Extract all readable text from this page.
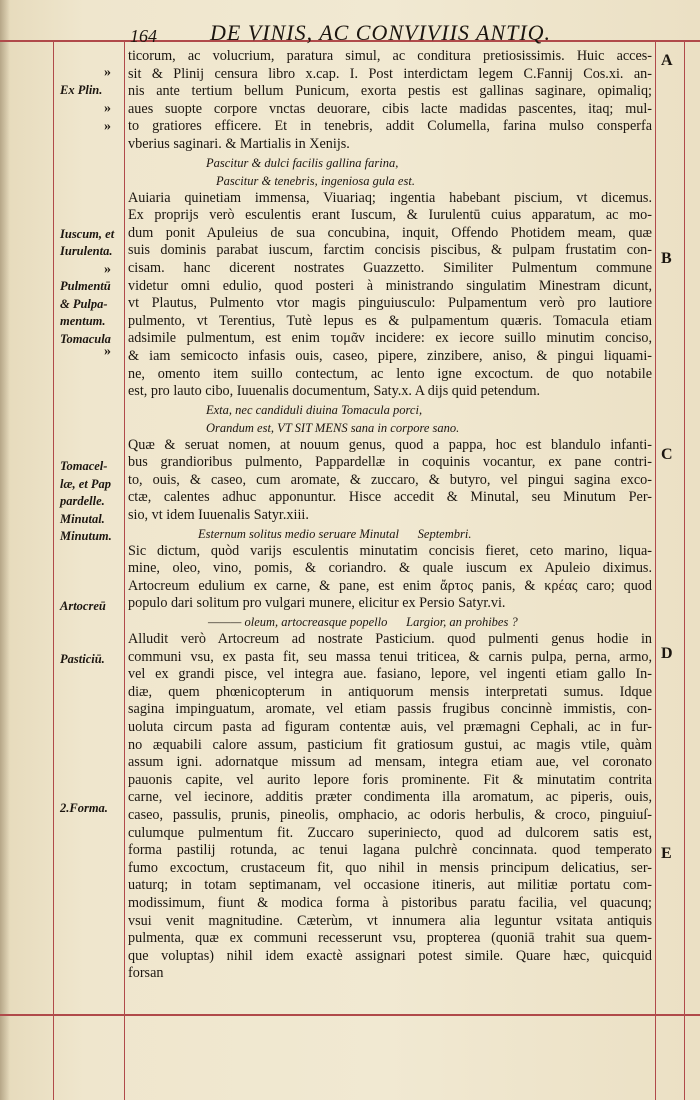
164 DE VINIS, AC CONVIVIIS ANTIQ.
Ex Plin.
Iuscum, et
Iurulenta.
Pulmentū
& Pulpa-
mentum.
Tomacula
Tomacel-
læ, et Pap
pardelle.
Minutal.
Minutum.
Artocreū
Pasticiū.
2.Forma.
»
»
»
»
»
A
B
C
D
E
ticorum, ac volucrium, paratura simul, ac conditura pretiosissimis. Huic acces-
sit & Plinij censura libro x.cap. I. Post interdictam legem C.Fannij Cos.xi. an-
nis ante tertium bellum Punicum, exorta pestis est gallinas saginare, opimaliq;
aues suopte corpore vnctas deuorare, cibis lacte madidas pascentes, itaq; mul-
to gratiores efficere. Et in tenebris, addit Columella, farina mulso consperfa
vberius saginari. & Martialis in Xenijs.
Pascitur & dulci facilis gallina farina,
Pascitur & tenebris, ingeniosa gula est.
Auiaria quinetiam immensa, Viuariaq; ingentia habebant piscium, vt dicemus.
Ex proprijs verò esculentis erant Iuscum, & Iurulentū cuius apparatum, ac mo-
dum ponit Apuleius de sua concubina, inquit, Offendo Photidem meam, quæ
suis dominis parabat iuscum, farctim concisis piscibus, & pulpam frustatim con-
cisam. hanc dicerent nostrates Guazzetto. Similiter Pulmentum commune
videtur omni edulio, quod posteri à ministrando singulatim Minestram dicunt,
vt Plautus, Pulmento vtor magis pinguiusculo: Pulpamentum verò pro lautiore
pulmento, vt Terentius, Tutè lepus es & pulpamentum quæris. Tomacula etiam
adsimile pulmentum, est enim τομᾶν incidere: ex iecore suillo minutim conciso,
& iam semicocto infasis ouis, caseo, pipere, zinzibere, aniso, & pingui liquami-
ne, omento item suillo contectum, ac lento igne excoctum. de quo notabile
est, pro lauto cibo, Iuuenalis documentum, Saty.x. A dijs quid petendum.
Exta, nec candiduli diuina Tomacula porci,
Orandum est, VT SIT MENS sana in corpore sano.
Quæ & seruat nomen, at nouum genus, quod a pappa, hoc est blandulo infanti-
bus grandioribus pulmento, Pappardellæ in coquinis vocantur, ex pane contri-
to, ouis, & caseo, cum aromate, & zuccaro, & butyro, vel pingui sagina exco-
ctæ, calentes adhuc apponuntur. Hisce accedit & Minutal, seu Minutum Per-
sio, vt idem Iuuenalis Satyr.xiii.
Esternum solitus medio seruare Minutal      Septembri.
Sic dictum, quòd varijs esculentis minutatim concisis fieret, ceto marino, liqua-
mine, oleo, vino, pomis, & coriandro. & quale iuscum ex Apuleio diximus.
Artocreum edulium ex carne, & pane, est enim ἄρτος panis, & κρέας caro; quod
populo dari solitum pro vulgari munere, elicitur ex Persio Satyr.vi.
——— oleum, artocreasque popello      Largior, an prohibes ?
Alludit verò Artocreum ad nostrate Pasticium. quod pulmenti genus hodie in
communi vsu, ex pasta fit, seu massa tenui triticea, & carnis pulpa, perna, armo,
vel ex grandi pisce, vel integra aue. fasiano, lepore, vel ingenti etiam gallo In-
diæ, quem phœnicopterum in antiquorum mensis interpretati sumus. Idque
sagina impinguatum, aromate, vel etiam passis frugibus concinnè immistis, con-
uoluta circum pasta ad figuram contentæ auis, vel præmagni Cephali, ac in fur-
no æquabili calore assum, pasticium fit gratiosum gustui, ac magis vtile, quàm
assum igni. adornatque missum ad mensam, integra etiam aue, vel coronato
pauonis capite, vel aurito lepore foris prominente. Fit & minutatim contrita
carne, vel iecinore, additis præter condimenta illa aromatum, ac piperis, ouis,
caseo, passulis, prunis, pineolis, omphacio, ac odoris herbulis, & croco, pinguiuſ-
culumque pulmentum fit. Zuccaro superiniecto, quod ad dulcorem satis est,
forma pastilij rotunda, ac tenui lagana pulchrè concinnata. quod temperato
fumo excoctum, crustaceum fit, quo nihil in mensis principum delicatius, ser-
uaturq; in totam septimanam, vel occasione itineris, aut militiæ portatu com-
modissimum, fiunt & modica forma à pistoribus paratu facilia, vel quacunq;
vsui venit magnitudine. Cæterùm, vt innumera alia leguntur vsitata antiquis
pulmenta, quæ ex communi recesserunt vsu, propterea (quoniā trahit sua quem-
que voluptas) nihil idem exactè assignari potest simile. Quare hæc, quicquid
forsan
